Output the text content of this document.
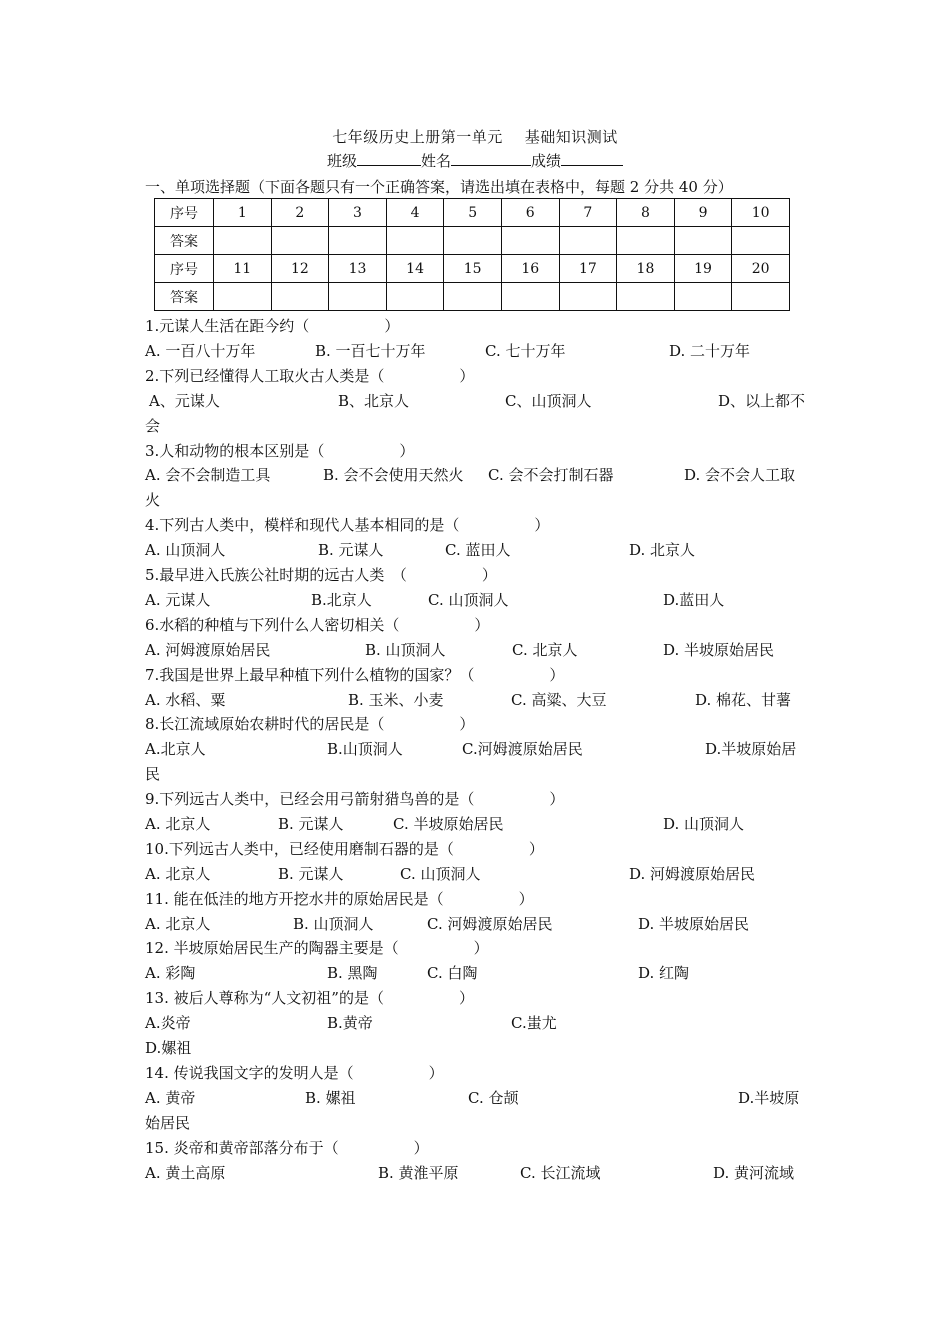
七年级历史上册第一单元 基础知识测试
班级	姓名	成绩
一、单项选择题（下面各题只有一个正确答案，请选出填在表格中，每题 2 分共 40 分）
序号	1	2	3	4	5	6	7	8	9	10
答案										
序号	11	12	13	14	15	16	17	18	19	20
答案										

1.元谋人生活在距今约（　　　　　）

A. 一百八十万年	B. 一百七十万年	C. 七十万年	D. 二十万年

2.下列已经懂得人工取火古人类是（　　　　　）

A、元谋人	B、北京人	C、山顶洞人	D、以上都不

会

3.人和动物的根本区别是（　　　　　）

A. 会不会制造工具	B. 会不会使用天然火 C. 会不会打制石器	D. 会不会人工取

火

4.下列古人类中，模样和现代人基本相同的是（　　　　　）

A. 山顶洞人	B. 元谋人	C. 蓝田人	D. 北京人

5.最早进入氏族公社时期的远古人类　（　　　　　）

A. 元谋人	B.北京人	C. 山顶洞人	D.蓝田人

6.水稻的种植与下列什么人密切相关（　　　　　）

A. 河姆渡原始居民	B. 山顶洞人	C. 北京人	D. 半坡原始居民

7.我国是世界上最早种植下列什么植物的国家？（　　　　　）

A. 水稻、粟	B. 玉米、小麦	C. 高粱、大豆	D. 棉花、甘薯

8.长江流域原始农耕时代的居民是（　　　　　）

A.北京人	B.山顶洞人	C.河姆渡原始居民	D.半坡原始居

民

9.下列远古人类中，已经会用弓箭射猎鸟兽的是（　　　　　）

A. 北京人	B. 元谋人	C. 半坡原始居民	D. 山顶洞人

10.下列远古人类中，已经使用磨制石器的是（　　　　　）

A. 北京人	B. 元谋人	C. 山顶洞人	D. 河姆渡原始居民

11. 能在低洼的地方开挖水井的原始居民是（　　　　　）

A. 北京人	B. 山顶洞人	C. 河姆渡原始居民	D. 半坡原始居民

12. 半坡原始居民生产的陶器主要是（　　　　　）

A. 彩陶	B. 黑陶	C. 白陶	D. 红陶

13. 被后人尊称为“人文初祖”的是（　　　　　）

A.炎帝	B.黄帝	C.蚩尤

D.嫘祖

14. 传说我国文字的发明人是（　　　　　）

A. 黄帝	B. 嫘祖	C. 仓颉	D.半坡原

始居民

15. 炎帝和黄帝部落分布于（　　　　　）

A. 黄土高原	B. 黄淮平原	C. 长江流域	D. 黄河流域
